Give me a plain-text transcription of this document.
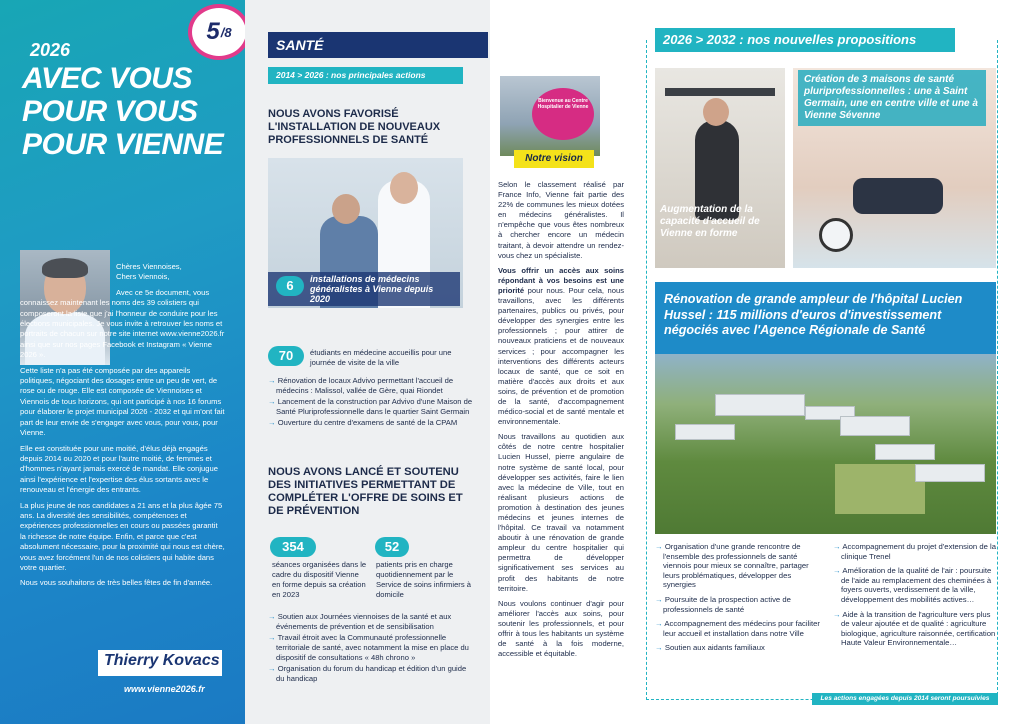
5 /8
2026
AVEC VOUS
POUR VOUS
POUR VIENNE

Chères Viennoises,
Chers Viennois,

Avec ce 5e document, vous connaissez maintenant les noms des 39 colistiers qui composeront la liste que j'ai l'honneur de conduire pour les élections municipales. Je vous invite à retrouver les noms et portraits de chacun sur notre site internet www.vienne2026.fr ainsi que sur nos pages Facebook et Instagram « Vienne 2026 ».

Cette liste n'a pas été composée par des appareils politiques, négociant des dosages entre un peu de vert, de rose ou de rouge. Elle est composée de Viennoises et Viennois de tous horizons, qui ont participé à nos 16 forums pour élaborer le projet municipal 2026 - 2032 et qui m'ont fait part de leur envie de s'engager avec vous, pour vous, pour Vienne.

Elle est constituée pour une moitié, d'élus déjà engagés depuis 2014 ou 2020 et pour l'autre moitié, de femmes et d'hommes n'ayant jamais exercé de mandat. Elle conjugue ainsi l'expérience et l'expertise des élus sortants avec le renouveau et l'énergie des entrants.

La plus jeune de nos candidates a 21 ans et la plus âgée 75 ans. La diversité des sensibilités, compétences et expériences professionnelles en cours ou passées garantit la richesse de notre équipe. Enfin, et parce que c'est absolument nécessaire, pour la proximité qui nous est chère, vous avez forcément l'un de nos colistiers qui habite dans votre quartier.

Nous vous souhaitons de très belles fêtes de fin d'année.

Thierry Kovacs
www.vienne2026.fr
SANTÉ
2014 > 2026 : nos principales actions
NOUS AVONS FAVORISÉ L'INSTALLATION DE NOUVEAUX PROFESSIONNELS DE SANTÉ
installations de médecins généralistes à Vienne depuis 2020
6
70	étudiants en médecine accueillis pour une journée de visite de la ville
→ Rénovation de locaux Advivo permettant l'accueil de médecins : Malissol, vallée de Gère, quai Riondet
→ Lancement de la construction par Advivo d'une Maison de Santé Pluriprofessionnelle dans le quartier Saint Germain
→ Ouverture du centre d'examens de santé de la CPAM
NOUS AVONS LANCÉ ET SOUTENU DES INITIATIVES PERMETTANT DE COMPLÉTER L'OFFRE DE SOINS ET DE PRÉVENTION
354	52
séances organisées dans le cadre du dispositif Vienne en forme depuis sa création en 2023
patients pris en charge quotidiennement par le Service de soins infirmiers à domicile
→ Soutien aux Journées viennoises de la santé et aux événements de prévention et de sensibilisation
→ Travail étroit avec la Communauté professionnelle territoriale de santé, avec notamment la mise en place du dispositif de consultations « 48h chrono »
→ Organisation du forum du handicap et édition d'un guide du handicap
Bienvenue au Centre Hospitalier de Vienne
Notre vision

Selon le classement réalisé par France Info, Vienne fait partie des 22% de communes les mieux dotées en médecins généralistes. Il n'empêche que vous êtes nombreux à chercher encore un médecin traitant, à devoir attendre un rendez-vous chez un spécialiste.

Vous offrir un accès aux soins répondant à vos besoins est une priorité pour nous. Pour cela, nous travaillons, avec les différents partenaires, publics ou privés, pour développer des synergies entre les professionnels ; pour attirer de nouveaux praticiens et de nouveaux services ; pour accompagner les interventions des différents acteurs locaux de santé, que ce soit en matière d'accès aux droits et aux soins, de prévention et de promotion de la santé, d'accompagnement médico-social et de santé mentale et environnementale.

Nous travaillons au quotidien aux côtés de notre centre hospitalier Lucien Hussel, pierre angulaire de notre système de santé local, pour développer ses activités, faire le lien avec la médecine de Ville, tout en réalisant plusieurs actions de promotion à destination des jeunes médecins et jeunes internes de l'hôpital. Ce travail va notamment aboutir à une rénovation de grande ampleur du centre hospitalier qui permettra de développer significativement ses services au profit des habitants de notre territoire.

Nous voulons continuer d'agir pour améliorer l'accès aux soins, pour soutenir les professionnels, et pour offrir à tous les habitants un système de santé à la fois moderne, accessible et équitable.

2026 > 2032 : nos nouvelles propositions
Augmentation de la capacité d'accueil de Vienne en forme
Création de 3 maisons de santé pluriprofessionnelles : une à Saint Germain, une en centre ville et une à Vienne Sévenne
Rénovation de grande ampleur de l'hôpital Lucien Hussel : 115 millions d'euros d'investissement négociés avec l'Agence Régionale de Santé
→ Organisation d'une grande rencontre de l'ensemble des professionnels de santé viennois pour mieux se connaître, partager leurs problématiques, développer des synergies
→ Poursuite de la prospection active de professionnels de santé
→ Accompagnement des médecins pour faciliter leur accueil et installation dans notre Ville
→ Soutien aux aidants familiaux
→ Accompagnement du projet d'extension de la clinique Trenel
→ Amélioration de la qualité de l'air : poursuite de l'aide au remplacement des cheminées à foyers ouverts, verdissement de la ville, développement des mobilités actives…
→ Aide à la transition de l'agriculture vers plus de valeur ajoutée et de qualité : agriculture biologique, agriculture raisonnée, certification Haute Valeur Environnementale…
Les actions engagées depuis 2014 seront poursuivies
